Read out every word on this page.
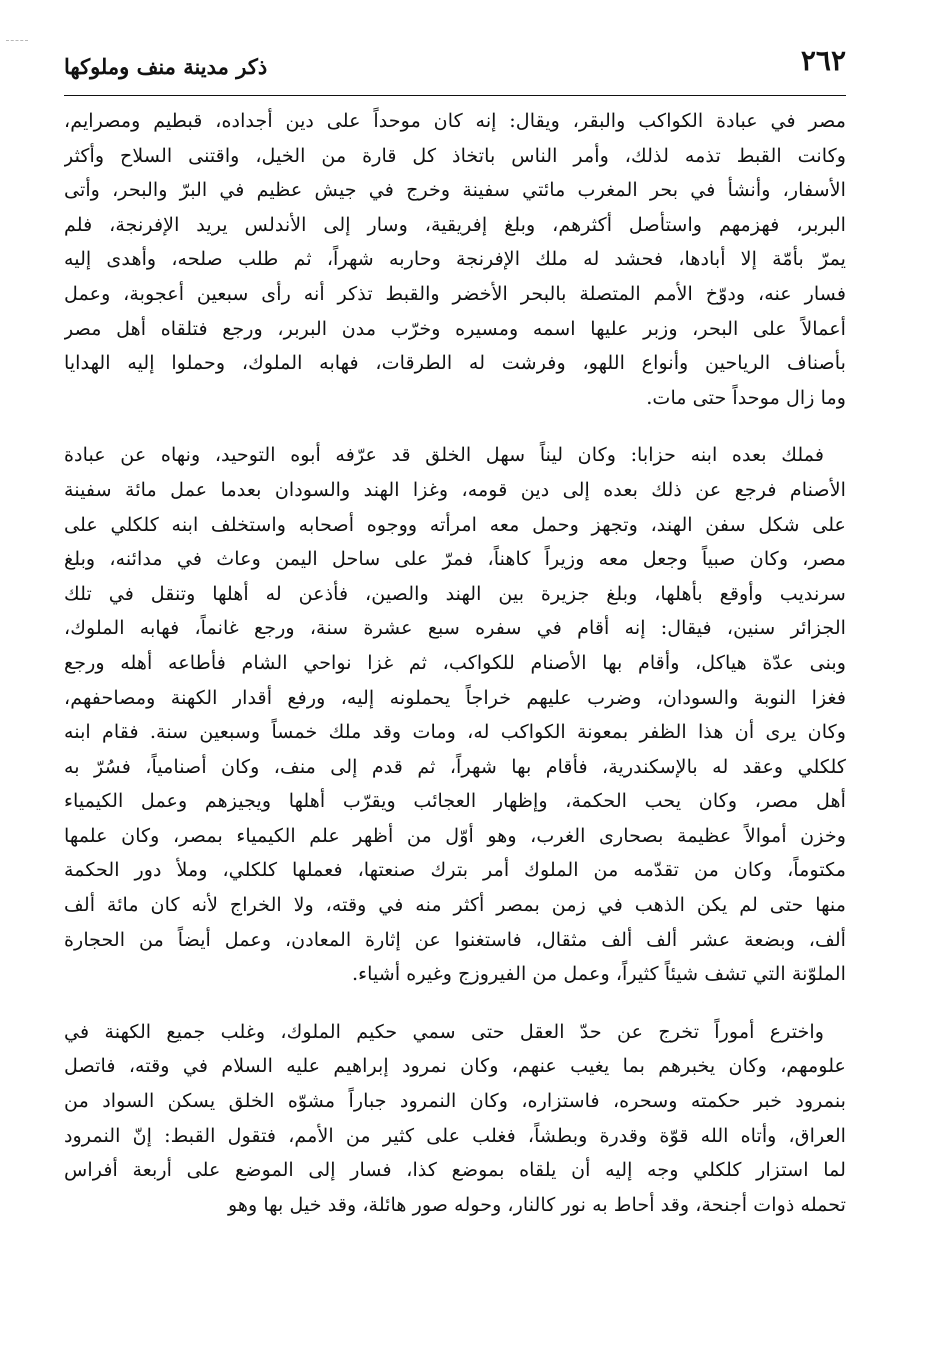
٢٦٢
ذكر مدينة منف وملوكها
مصر في عبادة الكواكب والبقر، ويقال: إنه كان موحداً على دين أجداده، قبطيم ومصرايم،
وكانت القبط تذمه لذلك، وأمر الناس باتخاذ كل قارة من الخيل، واقتنى السلاح وأكثر
الأسفار، وأنشأ في بحر المغرب مائتي سفينة وخرج في جيش عظيم في البرّ والبحر، وأتى
البربر، فهزمهم واستأصل أكثرهم، وبلغ إفريقية، وسار إلى الأندلس يريد الإفرنجة، فلم
يمرّ بأمّة إلا أبادها، فحشد له ملك الإفرنجة وحاربه شهراً، ثم طلب صلحه، وأهدى إليه
فسار عنه، ودوّخ الأمم المتصلة بالبحر الأخضر والقبط تذكر أنه رأى سبعين أعجوبة، وعمل
أعمالاً على البحر، وزبر عليها اسمه ومسيره وخرّب مدن البربر، ورجع فتلقاه أهل مصر
بأصناف الرياحين وأنواع اللهو، وفرشت له الطرقات، فهابه الملوك، وحملوا إليه الهدايا
وما زال موحداً حتى مات.
فملك بعده ابنه حزابا: وكان ليناً سهل الخلق قد عرّفه أبوه التوحيد، ونهاه عن عبادة
الأصنام فرجع عن ذلك بعده إلى دين قومه، وغزا الهند والسودان بعدما عمل مائة سفينة
على شكل سفن الهند، وتجهز وحمل معه امرأته ووجوه أصحابه واستخلف ابنه كلكلي على
مصر، وكان صبياً وجعل معه وزيراً كاهناً، فمرّ على ساحل اليمن وعاث في مدائنه، وبلغ
سرنديب وأوقع بأهلها، وبلغ جزيرة بين الهند والصين، فأذعن له أهلها وتنقل في تلك
الجزائر سنين، فيقال: إنه أقام في سفره سبع عشرة سنة، ورجع غانماً، فهابه الملوك،
وبنى عدّة هياكل، وأقام بها الأصنام للكواكب، ثم غزا نواحي الشام فأطاعه أهله ورجع
فغزا النوبة والسودان، وضرب عليهم خراجاً يحملونه إليه، ورفع أقدار الكهنة ومصاحفهم،
وكان يرى أن هذا الظفر بمعونة الكواكب له، ومات وقد ملك خمساً وسبعين سنة. فقام ابنه
كلكلي وعقد له بالإسكندرية، فأقام بها شهراً، ثم قدم إلى منف، وكان أصنامياً، فسُرّ به
أهل مصر، وكان يحب الحكمة، وإظهار العجائب ويقرّب أهلها ويجيزهم وعمل الكيمياء
وخزن أموالاً عظيمة بصحارى الغرب، وهو أوّل من أظهر علم الكيمياء بمصر، وكان علمها
مكتوماً، وكان من تقدّمه من الملوك أمر بترك صنعتها، فعملها كلكلي، وملأ دور الحكمة
منها حتى لم يكن الذهب في زمن بمصر أكثر منه في وقته، ولا الخراج لأنه كان مائة ألف
ألف، وبضعة عشر ألف ألف مثقال، فاستغنوا عن إثارة المعادن، وعمل أيضاً من الحجارة
الملوّنة التي تشف شيئاً كثيراً، وعمل من الفيروزج وغيره أشياء.
واخترع أموراً تخرج عن حدّ العقل حتى سمي حكيم الملوك، وغلب جميع الكهنة في
علومهم، وكان يخبرهم بما يغيب عنهم، وكان نمرود إبراهيم عليه السلام في وقته، فاتصل
بنمرود خبر حكمته وسحره، فاستزاره، وكان النمرود جباراً مشوّه الخلق يسكن السواد من
العراق، وأتاه الله قوّة وقدرة وبطشاً، فغلب على كثير من الأمم، فتقول القبط: إنّ النمرود
لما استزار كلكلي وجه إليه أن يلقاه بموضع كذا، فسار إلى الموضع على أربعة أفراس
تحمله ذوات أجنحة، وقد أحاط به نور كالنار، وحوله صور هائلة، وقد خيل بها وهو
